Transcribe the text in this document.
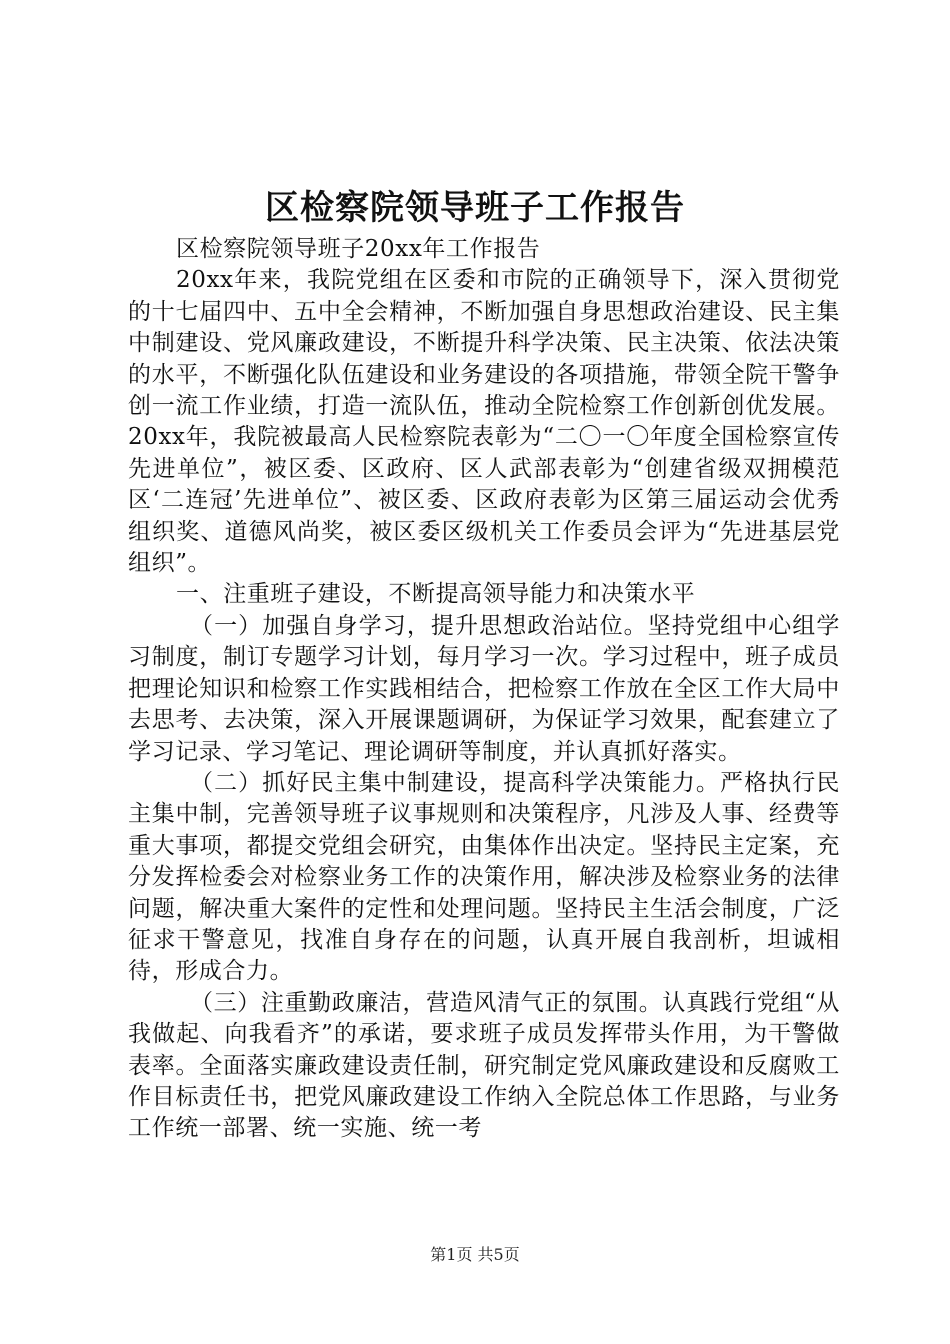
区检察院领导班子工作报告

区检察院领导班子20xx年工作报告

20xx年来，我院党组在区委和市院的正确领导下，深入贯彻党的十七届四中、五中全会精神，不断加强自身思想政治建设、民主集中制建设、党风廉政建设，不断提升科学决策、民主决策、依法决策的水平，不断强化队伍建设和业务建设的各项措施，带领全院干警争创一流工作业绩，打造一流队伍，推动全院检察工作创新创优发展。20xx年，我院被最高人民检察院表彰为“二〇一〇年度全国检察宣传先进单位”，被区委、区政府、区人武部表彰为“创建省级双拥模范区‘二连冠’先进单位”、被区委、区政府表彰为区第三届运动会优秀组织奖、道德风尚奖，被区委区级机关工作委员会评为“先进基层党组织”。

一、注重班子建设，不断提高领导能力和决策水平

（一）加强自身学习，提升思想政治站位。坚持党组中心组学习制度，制订专题学习计划，每月学习一次。学习过程中，班子成员把理论知识和检察工作实践相结合，把检察工作放在全区工作大局中去思考、去决策，深入开展课题调研，为保证学习效果，配套建立了学习记录、学习笔记、理论调研等制度，并认真抓好落实。

（二）抓好民主集中制建设，提高科学决策能力。严格执行民主集中制，完善领导班子议事规则和决策程序，凡涉及人事、经费等重大事项，都提交党组会研究，由集体作出决定。坚持民主定案，充分发挥检委会对检察业务工作的决策作用，解决涉及检察业务的法律问题，解决重大案件的定性和处理问题。坚持民主生活会制度，广泛征求干警意见，找准自身存在的问题，认真开展自我剖析，坦诚相待，形成合力。

（三）注重勤政廉洁，营造风清气正的氛围。认真践行党组“从我做起、向我看齐”的承诺，要求班子成员发挥带头作用，为干警做表率。全面落实廉政建设责任制，研究制定党风廉政建设和反腐败工作目标责任书，把党风廉政建设工作纳入全院总体工作思路，与业务工作统一部署、统一实施、统一考

第1页 共5页
